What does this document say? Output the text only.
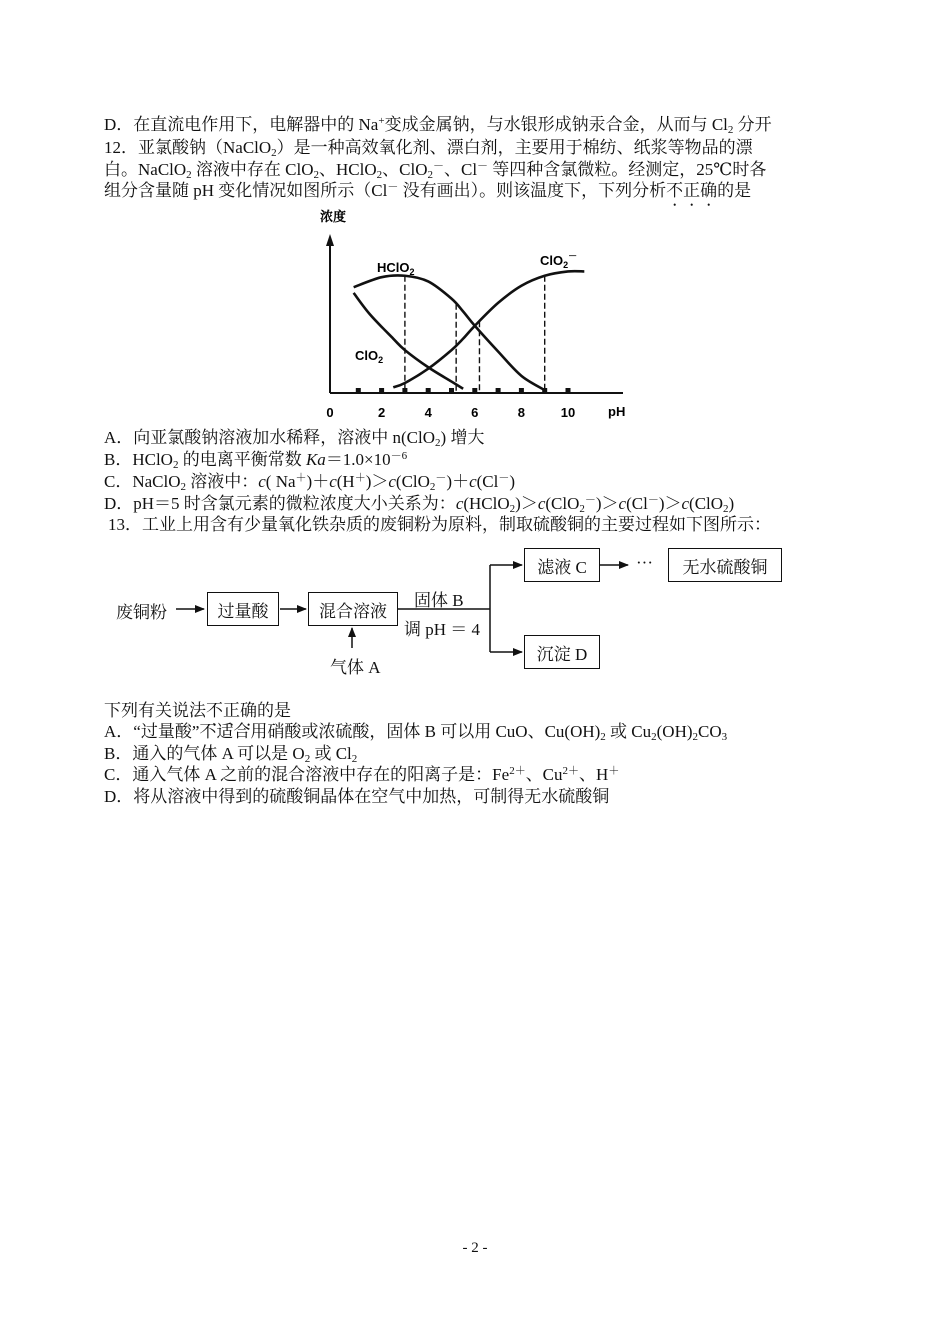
D．在直流电作用下，电解器中的 Na+变成金属钠，与水银形成钠汞合金，从而与 $Cl_2$ 分开
12．亚氯酸钠（NaClO$_2$）是一种高效氧化剂、漂白剂，主要用于棉纺、纸浆等物品的漂
白。NaClO$_2$ 溶液中存在 ClO$_2$、HClO$_2$、ClO$_2$－、Cl－ 等四种含氯微粒。经测定，25℃时各
组分含量随 pH 变化情况如图所示（Cl－ 没有画出）。则该温度下，下列分析不正确的是
浓度
0	2	4	6	8	10	pH
HClO$_2$
ClO$_2$－
ClO$_2$
A．向亚氯酸钠溶液加水稀释，溶液中 n(ClO$_2$) 增大
B．HClO$_2$ 的电离平衡常数 $Ka=1.0\times 10^{-6}$
C．NaClO$_2$ 溶液中：c( Na＋)＋c(H＋)＞c(ClO$_2$－)＋c(Cl－)
D．pH＝5 时含氯元素的微粒浓度大小关系为：c(HClO$_2$)＞c(ClO$_2$－)＞c(Cl－)＞c(ClO$_2$)
13．工业上用含有少量氧化铁杂质的废铜粉为原料，制取硫酸铜的主要过程如下图所示：
废铜粉	过量酸	混合溶液
气体 A
固体 B
调 pH ＝ 4
滤液 C	···	无水硫酸铜
沉淀 D
下列有关说法不正确的是
A．“过量酸”不适合用硝酸或浓硫酸，固体 B 可以用 CuO、$Cu(OH)_2$ 或 $Cu_2(OH)_2CO_3$
B．通入的气体 A 可以是 $O_2$ 或 $Cl_2$
C．通入气体 A 之前的混合溶液中存在的阳离子是：$Fe^{2+}$、$Cu^{2+}$、H＋
D．将从溶液中得到的硫酸铜晶体在空气中加热，可制得无水硫酸铜
- 2 -
